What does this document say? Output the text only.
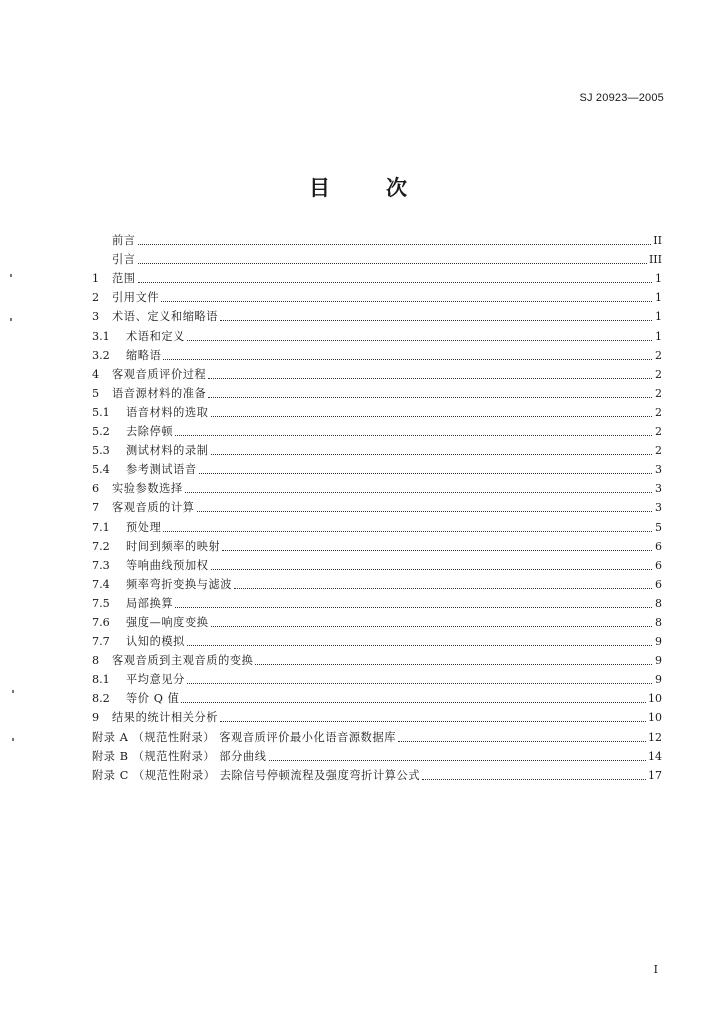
SJ 20923—2005
目	次
前言	II
引言	III
1	范围	1
2	引用文件	1
3	术语、定义和缩略语	1
3.1	术语和定义	1
3.2	缩略语	2
4	客观音质评价过程	2
5	语音源材料的准备	2
5.1	语音材料的选取	2
5.2	去除停顿	2
5.3	测试材料的录制	2
5.4	参考测试语音	3
6	实验参数选择	3
7	客观音质的计算	3
7.1	预处理	5
7.2	时间到频率的映射	6
7.3	等响曲线预加权	6
7.4	频率弯折变换与滤波	6
7.5	局部换算	8
7.6	强度—响度变换	8
7.7	认知的模拟	9
8	客观音质到主观音质的变换	9
8.1	平均意见分	9
8.2	等价 Q 值	10
9	结果的统计相关分析	10
附录 A （规范性附录） 客观音质评价最小化语音源数据库	12
附录 B （规范性附录） 部分曲线	14
附录 C （规范性附录） 去除信号停顿流程及强度弯折计算公式	17
I
